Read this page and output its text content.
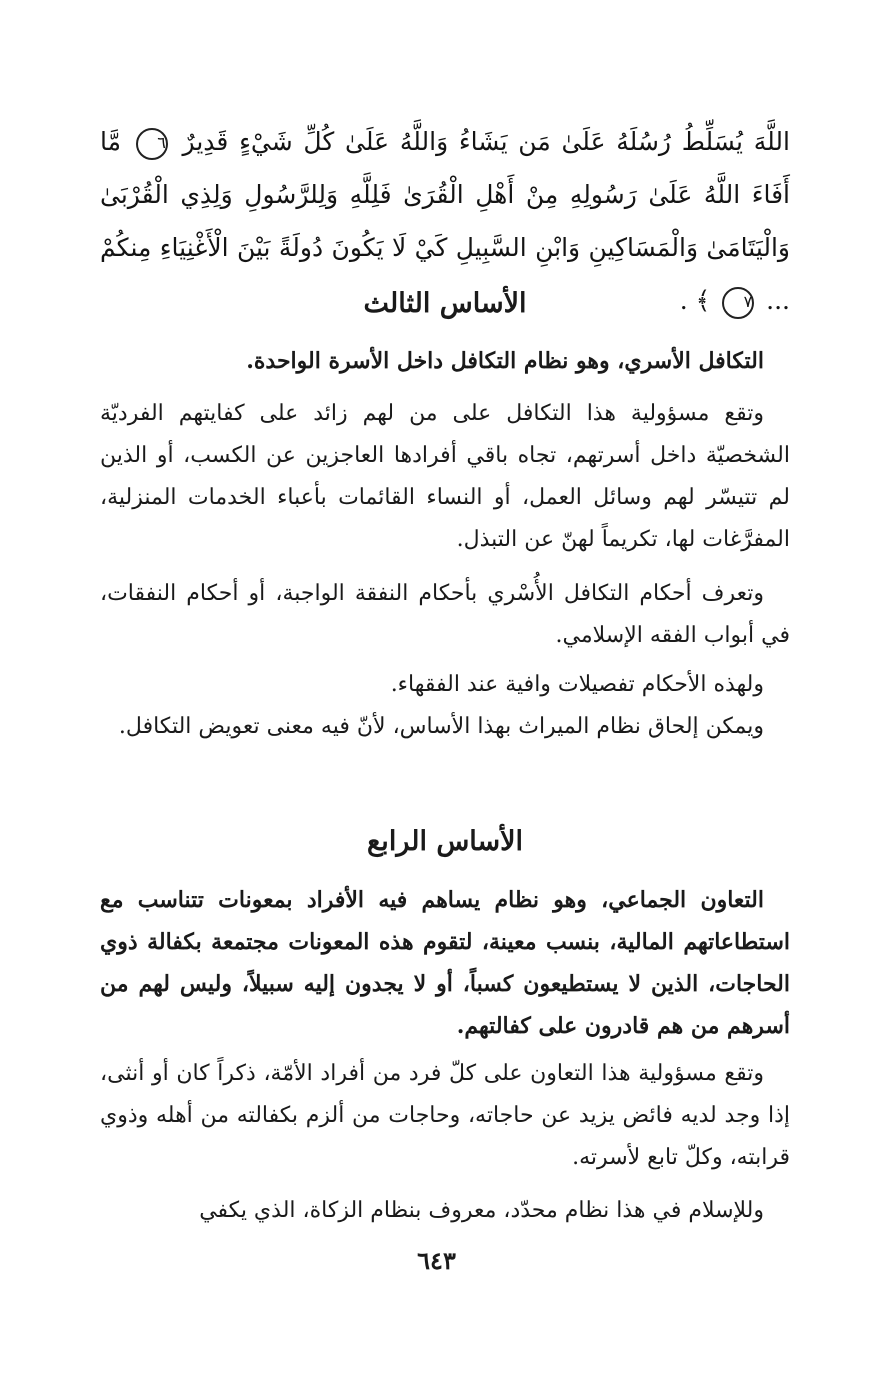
اللَّهَ يُسَلِّطُ رُسُلَهُ عَلَىٰ مَن يَشَاءُ وَاللَّهُ عَلَىٰ كُلِّ شَيْءٍ قَدِيرٌ ٦ مَّا أَفَاءَ اللَّهُ عَلَىٰ رَسُولِهِ مِنْ أَهْلِ الْقُرَىٰ فَلِلَّهِ وَلِلرَّسُولِ وَلِذِي الْقُرْبَىٰ وَالْيَتَامَىٰ وَالْمَسَاكِينِ وَابْنِ السَّبِيلِ كَيْ لَا يَكُونَ دُولَةً بَيْنَ الْأَغْنِيَاءِ مِنكُمْ ... ٧ ﴾ .
الأساس الثالث
التكافل الأسري، وهو نظام التكافل داخل الأسرة الواحدة.
وتقع مسؤولية هذا التكافل على من لهم زائد على كفايتهم الفرديّة الشخصيّة داخل أسرتهم، تجاه باقي أفرادها العاجزين عن الكسب، أو الذين لم تتيسّر لهم وسائل العمل، أو النساء القائمات بأعباء الخدمات المنزلية، المفرَّغات لها، تكريماً لهنّ عن التبذل.
وتعرف أحكام التكافل الأُسْري بأحكام النفقة الواجبة، أو أحكام النفقات، في أبواب الفقه الإسلامي.
ولهذه الأحكام تفصيلات وافية عند الفقهاء.
ويمكن إلحاق نظام الميراث بهذا الأساس، لأنّ فيه معنى تعويض التكافل.
الأساس الرابع
التعاون الجماعي، وهو نظام يساهم فيه الأفراد بمعونات تتناسب مع استطاعاتهم المالية، بنسب معينة، لتقوم هذه المعونات مجتمعة بكفالة ذوي الحاجات، الذين لا يستطيعون كسباً، أو لا يجدون إليه سبيلاً، وليس لهم من أسرهم من هم قادرون على كفالتهم.
وتقع مسؤولية هذا التعاون على كلّ فرد من أفراد الأمّة، ذكراً كان أو أنثى، إذا وجد لديه فائض يزيد عن حاجاته، وحاجات من ألزم بكفالته من أهله وذوي قرابته، وكلّ تابع لأسرته.
وللإسلام في هذا نظام محدّد، معروف بنظام الزكاة، الذي يكفي
٦٤٣
